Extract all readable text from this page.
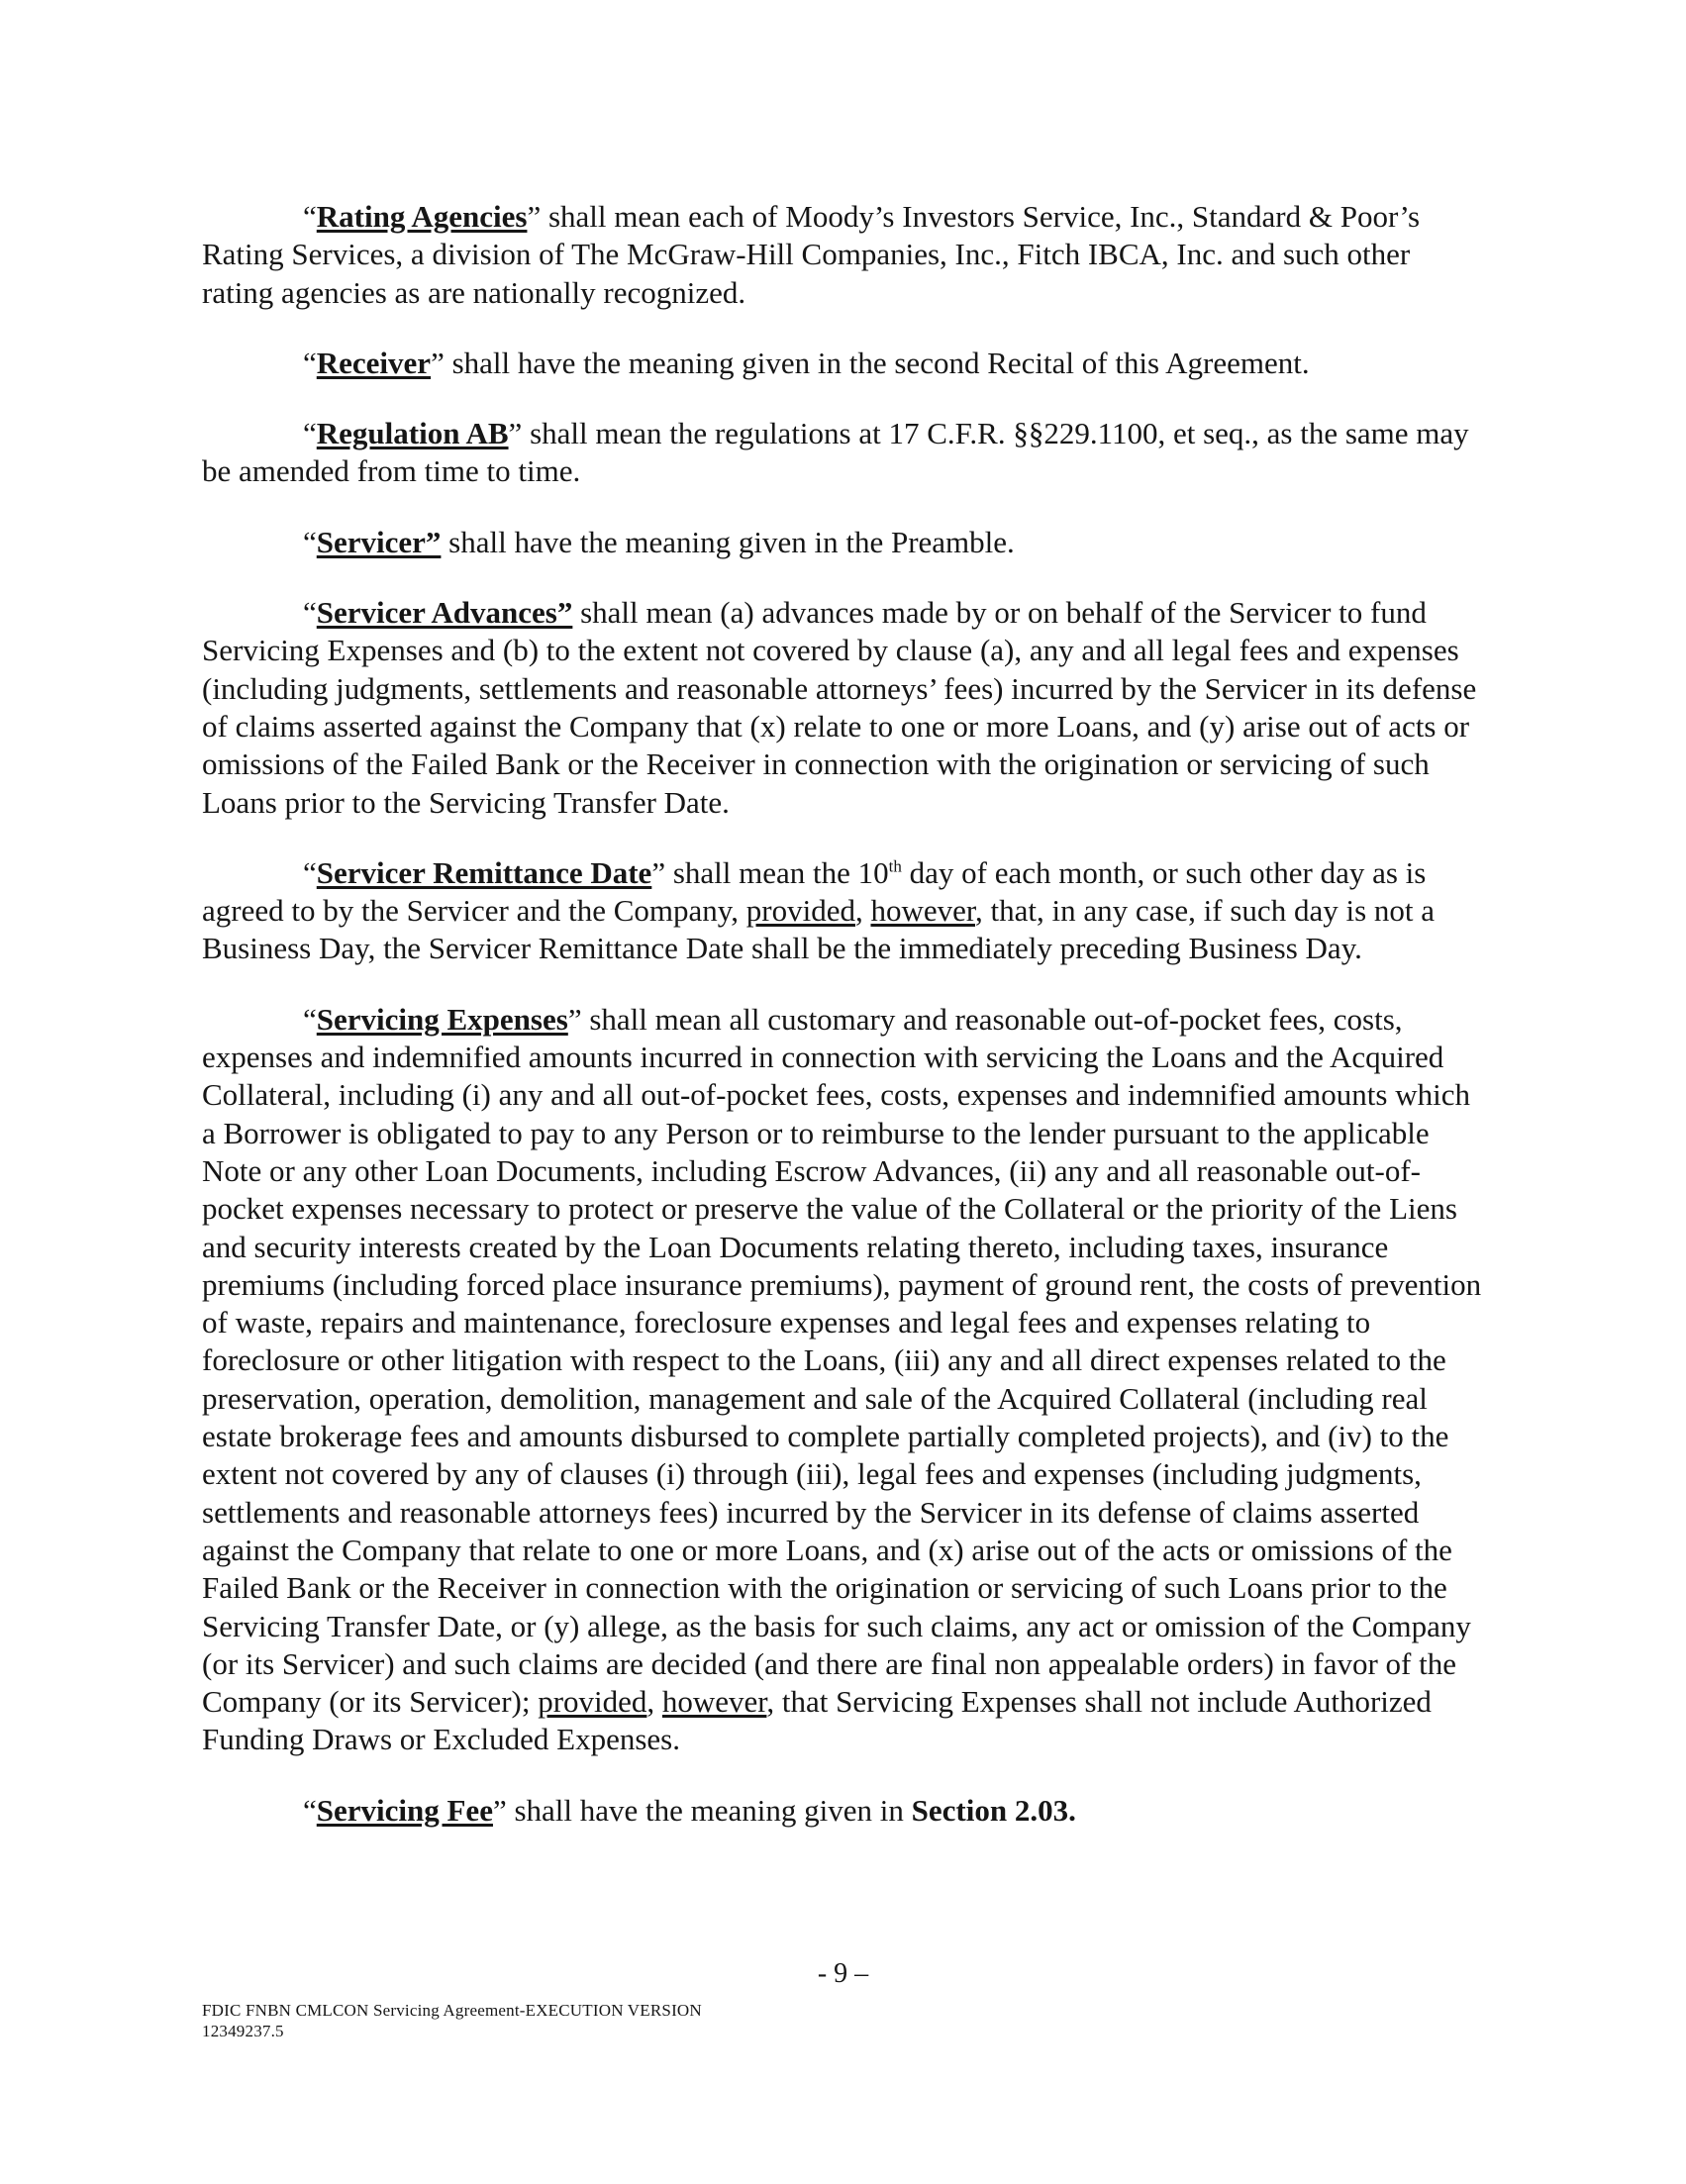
“Rating Agencies” shall mean each of Moody’s Investors Service, Inc., Standard & Poor’s Rating Services, a division of The McGraw-Hill Companies, Inc., Fitch IBCA, Inc. and such other rating agencies as are nationally recognized.

“Receiver” shall have the meaning given in the second Recital of this Agreement.

“Regulation AB” shall mean the regulations at 17 C.F.R. §§229.1100, et seq., as the same may be amended from time to time.

“Servicer” shall have the meaning given in the Preamble.

“Servicer Advances” shall mean (a) advances made by or on behalf of the Servicer to fund Servicing Expenses and (b) to the extent not covered by clause (a), any and all legal fees and expenses (including judgments, settlements and reasonable attorneys’ fees) incurred by the Servicer in its defense of claims asserted against the Company that (x) relate to one or more Loans, and (y) arise out of acts or omissions of the Failed Bank or the Receiver in connection with the origination or servicing of such Loans prior to the Servicing Transfer Date.

“Servicer Remittance Date” shall mean the 10th day of each month, or such other day as is agreed to by the Servicer and the Company, provided, however, that, in any case, if such day is not a Business Day, the Servicer Remittance Date shall be the immediately preceding Business Day.

“Servicing Expenses” shall mean all customary and reasonable out-of-pocket fees, costs, expenses and indemnified amounts incurred in connection with servicing the Loans and the Acquired Collateral, including (i) any and all out-of-pocket fees, costs, expenses and indemnified amounts which a Borrower is obligated to pay to any Person or to reimburse to the lender pursuant to the applicable Note or any other Loan Documents, including Escrow Advances, (ii) any and all reasonable out-of-pocket expenses necessary to protect or preserve the value of the Collateral or the priority of the Liens and security interests created by the Loan Documents relating thereto, including taxes, insurance premiums (including forced place insurance premiums), payment of ground rent, the costs of prevention of waste, repairs and maintenance, foreclosure expenses and legal fees and expenses relating to foreclosure or other litigation with respect to the Loans, (iii) any and all direct expenses related to the preservation, operation, demolition, management and sale of the Acquired Collateral (including real estate brokerage fees and amounts disbursed to complete partially completed projects), and (iv) to the extent not covered by any of clauses (i) through (iii), legal fees and expenses (including judgments, settlements and reasonable attorneys fees) incurred by the Servicer in its defense of claims asserted against the Company that relate to one or more Loans, and (x) arise out of the acts or omissions of the Failed Bank or the Receiver in connection with the origination or servicing of such Loans prior to the Servicing Transfer Date, or (y) allege, as the basis for such claims, any act or omission of the Company (or its Servicer) and such claims are decided (and there are final non appealable orders) in favor of the Company (or its Servicer); provided, however, that Servicing Expenses shall not include Authorized Funding Draws or Excluded Expenses.

“Servicing Fee” shall have the meaning given in Section 2.03.

- 9 –
FDIC FNBN CMLCON Servicing Agreement-EXECUTION VERSION
12349237.5
